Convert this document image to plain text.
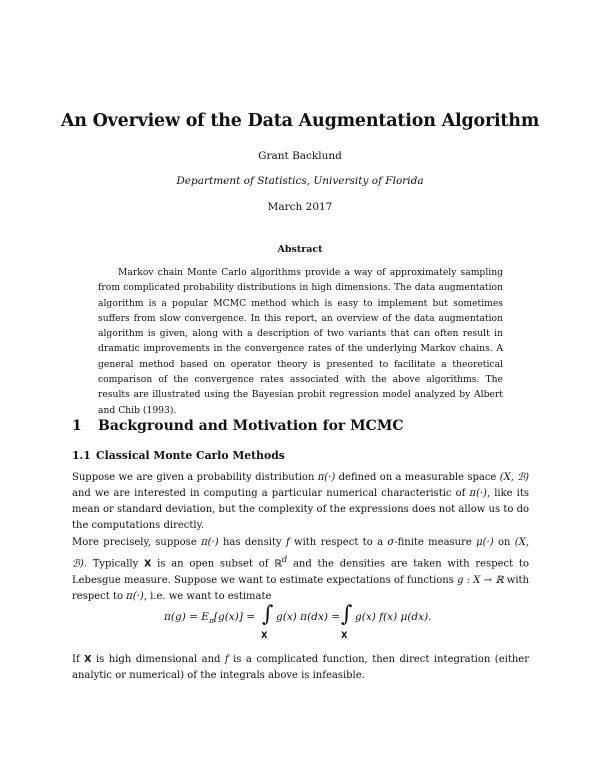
An Overview of the Data Augmentation Algorithm
Grant Backlund
Department of Statistics, University of Florida
March 2017
Abstract
Markov chain Monte Carlo algorithms provide a way of approximately sampling from complicated probability distributions in high dimensions. The data augmentation algorithm is a popular MCMC method which is easy to implement but sometimes suffers from slow convergence. In this report, an overview of the data augmentation algorithm is given, along with a description of two variants that can often result in dramatic improvements in the convergence rates of the underlying Markov chains. A general method based on operator theory is presented to facilitate a theoretical comparison of the convergence rates associated with the above algorithms. The results are illustrated using the Bayesian probit regression model analyzed by Albert and Chib (1993).
1 Background and Motivation for MCMC
1.1 Classical Monte Carlo Methods
Suppose we are given a probability distribution π(·) defined on a measurable space (X, ℬ) and we are interested in computing a particular numerical characteristic of π(·), like its mean or standard deviation, but the complexity of the expressions does not allow us to do the computations directly.
More precisely, suppose π(·) has density f with respect to a σ-finite measure μ(·) on (X, ℬ). Typically X is an open subset of ℝ$^d$ and the densities are taken with respect to Lebesgue measure. Suppose we want to estimate expectations of functions g : X → ℝ with respect to π(·), i.e. we want to estimate
$\pi(g) = E_\pi[g(x)]$ = ∫
X
g(x) π(dx) = ∫
X
g(x) f(x) μ(dx).
If X is high dimensional and f is a complicated function, then direct integration (either analytic or numerical) of the integrals above is infeasible.
